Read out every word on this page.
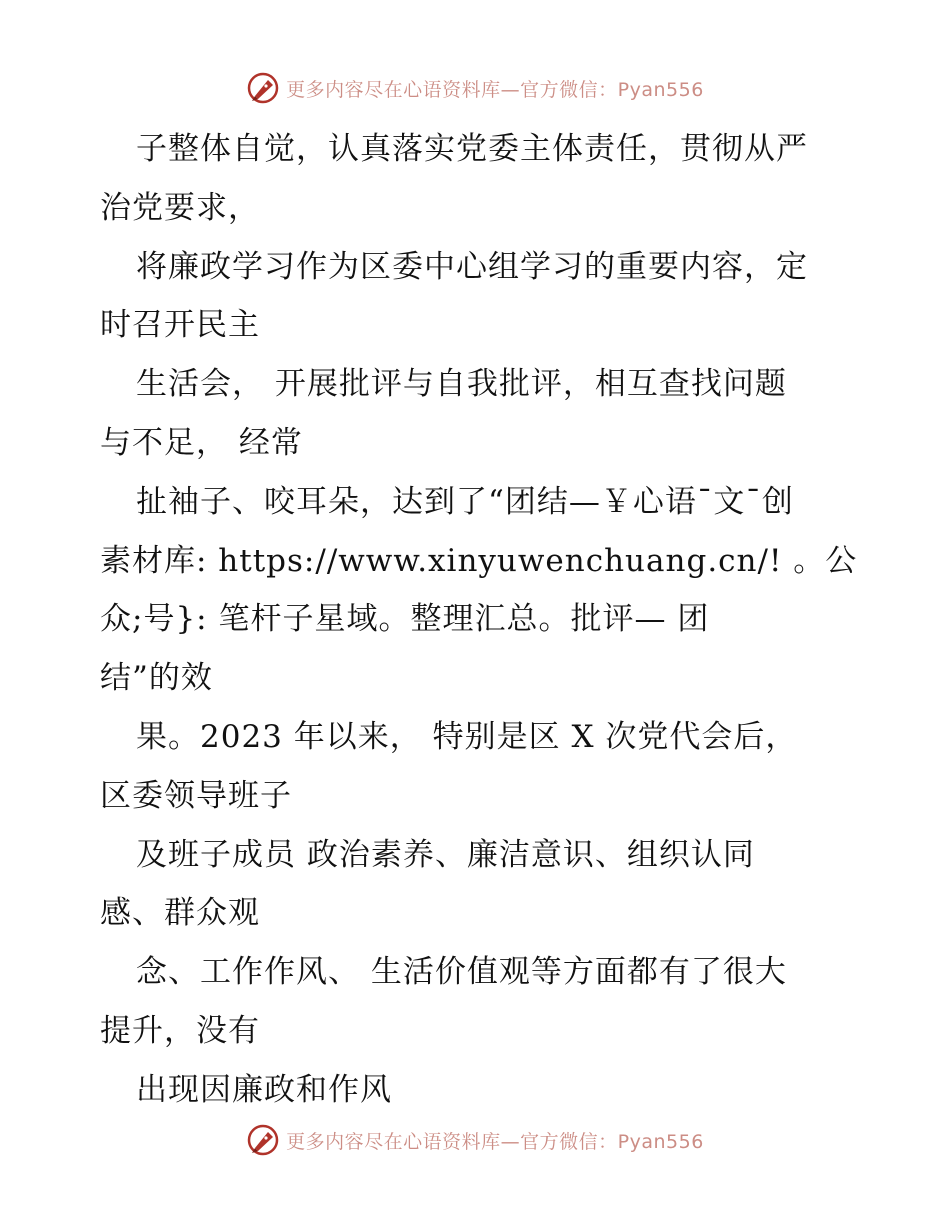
更多内容尽在心语资料库—官方微信：Pyan556
子整体自觉，认真落实党委主体责任，贯彻从严
治党要求，
将廉政学习作为区委中心组学习的重要内容，定
时召开民主
生活会， 开展批评与自我批评，相互查找问题
与不足， 经常
扯袖子、咬耳朵，达到了“团结—￥心语¯文¯创
素材库: https://www.xinyuwenchuang.cn/! 。公
众;号}: 笔杆子星域。整理汇总。批评— 团
结”的效
果。2023 年以来， 特别是区 X 次党代会后，
区委领导班子
及班子成员 政治素养、廉洁意识、组织认同
感、群众观
念、工作作风、 生活价值观等方面都有了很大
提升，没有
出现因廉政和作风
更多内容尽在心语资料库—官方微信：Pyan556
